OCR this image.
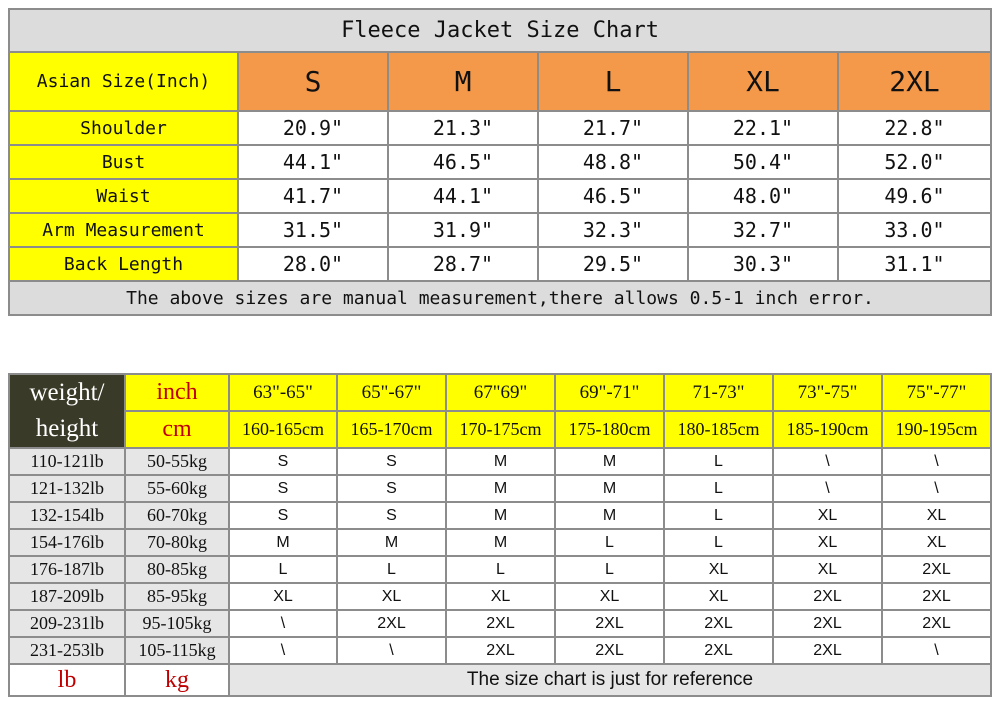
Fleece Jacket Size Chart					
Asian Size(Inch)	S	M	L	XL	2XL
Shoulder	20.9"	21.3"	21.7"	22.1"	22.8"
Bust	44.1"	46.5"	48.8"	50.4"	52.0"
Waist	41.7"	44.1"	46.5"	48.0"	49.6"
Arm Measurement	31.5"	31.9"	32.3"	32.7"	33.0"
Back Length	28.0"	28.7"	29.5"	30.3"	31.1"
The above sizes are manual measurement,there allows 0.5-1 inch error.					
weight/ height	inch	63"-65"	65"-67"	67"69"	69"-71"	71-73"	73"-75"	75"-77"
	cm	160-165cm	165-170cm	170-175cm	175-180cm	180-185cm	185-190cm	190-195cm
110-121lb	50-55kg	S	S	M	M	L	\	\
121-132lb	55-60kg	S	S	M	M	L	\	\
132-154lb	60-70kg	S	S	M	M	L	XL	XL
154-176lb	70-80kg	M	M	M	L	L	XL	XL
176-187lb	80-85kg	L	L	L	L	XL	XL	2XL
187-209lb	85-95kg	XL	XL	XL	XL	XL	2XL	2XL
209-231lb	95-105kg	\	2XL	2XL	2XL	2XL	2XL	2XL
231-253lb	105-115kg	\	\	2XL	2XL	2XL	2XL	\
lb	kg	The size chart is just for reference						
